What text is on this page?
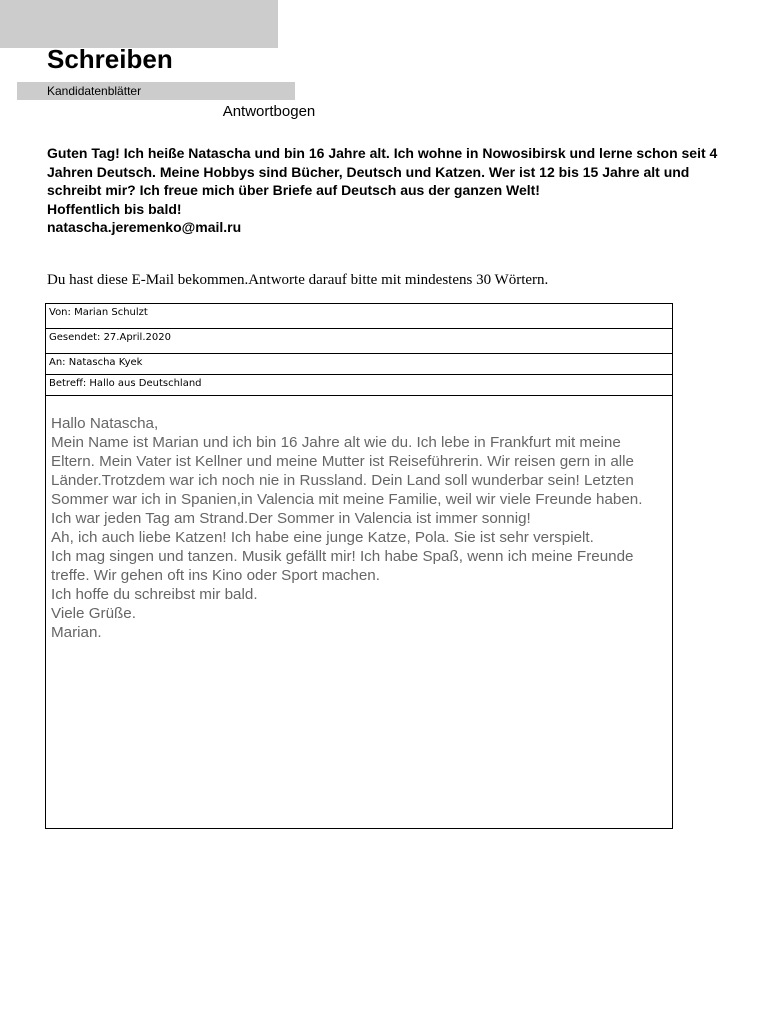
Schreiben
Kandidatenblätter
Antwortbogen

Guten Tag! Ich heiße Natascha und bin 16 Jahre alt. Ich wohne in Nowosibirsk und lerne schon seit 4 Jahren Deutsch. Meine Hobbys sind Bücher, Deutsch und Katzen. Wer ist 12 bis 15 Jahre alt und schreibt mir? Ich freue mich über Briefe auf Deutsch aus der ganzen Welt!

Hoffentlich bis bald!

natascha.jeremenko@mail.ru

Du hast diese E-Mail bekommen.Antworte darauf bitte mit mindestens 30 Wörtern.
Von: Marian Schulzt
Gesendet: 27.April.2020
An: Natascha Kyek
Betreff: Hallo aus Deutschland

Hallo Natascha,

Mein Name ist Marian und ich bin 16 Jahre alt wie du. Ich lebe in Frankfurt mit meine Eltern. Mein Vater ist Kellner und meine Mutter ist Reiseführerin. Wir reisen gern in alle Länder.Trotzdem war ich noch nie in Russland. Dein Land soll wunderbar sein! Letzten Sommer war ich in Spanien,in Valencia mit meine Familie, weil wir viele Freunde haben. Ich war jeden Tag am Strand.Der Sommer in Valencia ist immer sonnig!

Ah, ich auch liebe Katzen! Ich habe eine junge Katze, Pola. Sie ist sehr verspielt.

Ich mag singen und tanzen. Musik gefällt mir! Ich habe Spaß, wenn ich meine Freunde treffe. Wir gehen oft ins Kino oder Sport machen.

Ich hoffe du schreibst mir bald.

Viele Grüße.

Marian.
